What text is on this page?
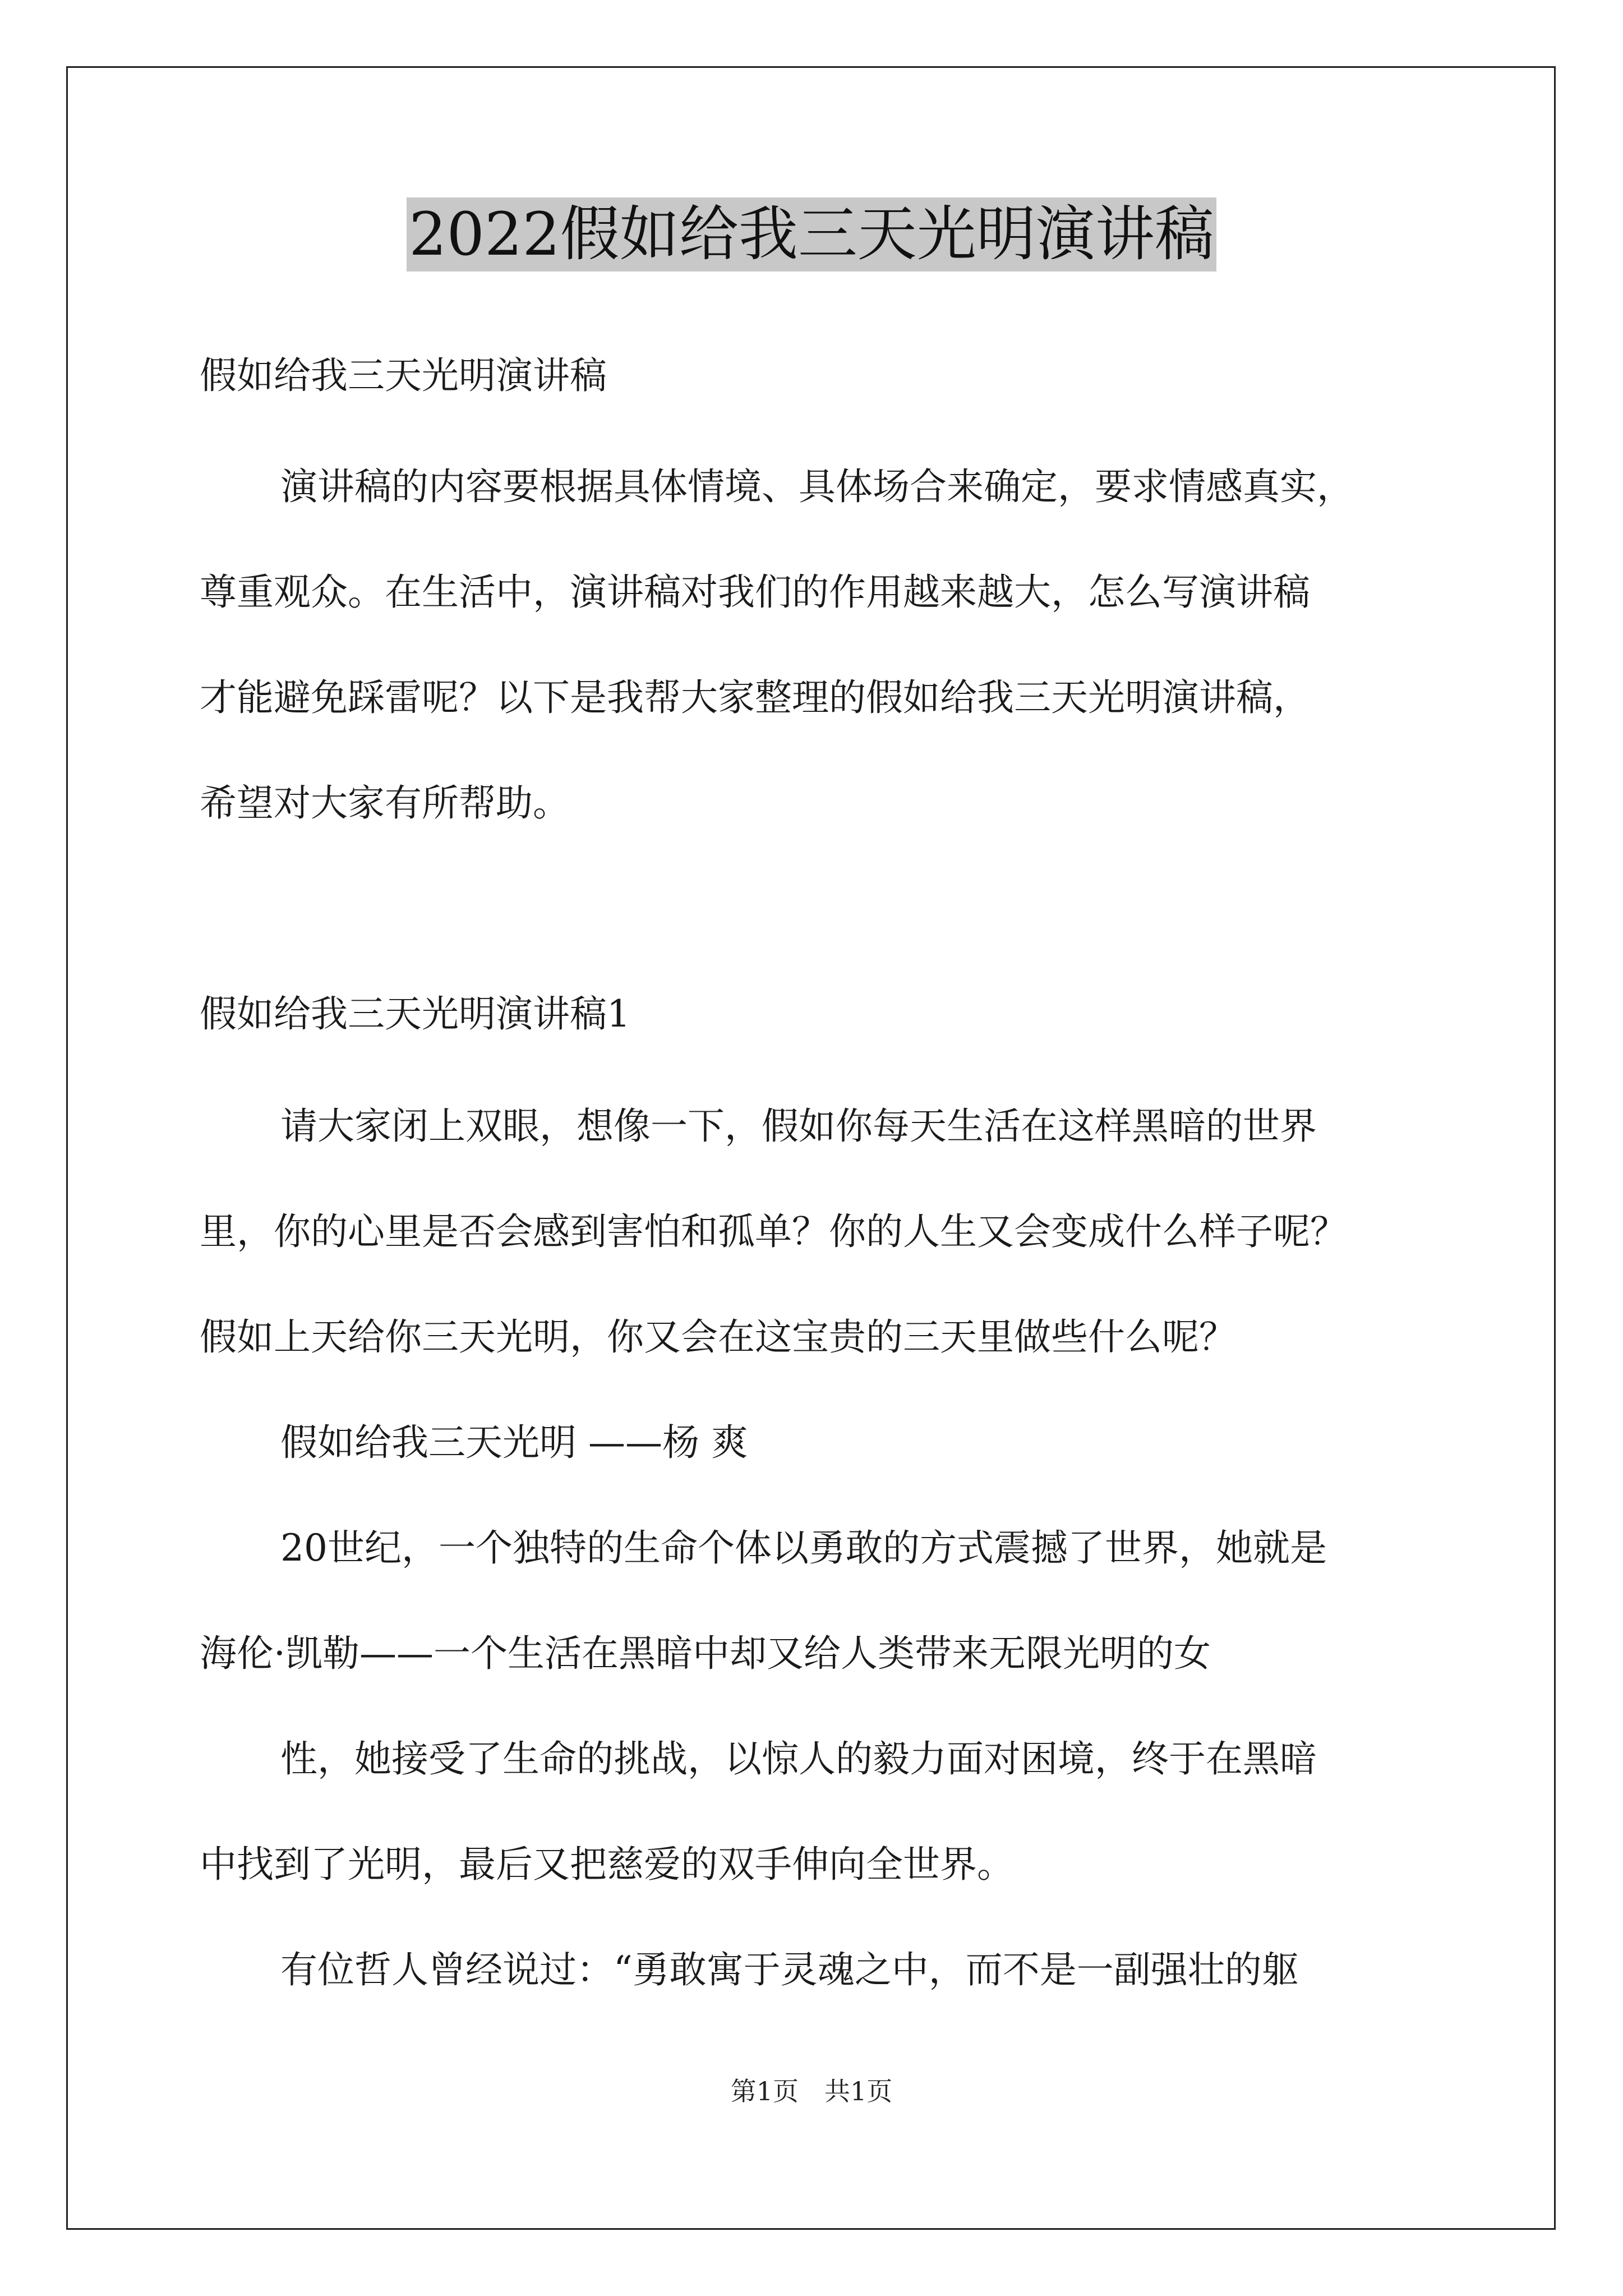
2022假如给我三天光明演讲稿
假如给我三天光明演讲稿
演讲稿的内容要根据具体情境、具体场合来确定，要求情感真实，
尊重观众。在生活中，演讲稿对我们的作用越来越大，怎么写演讲稿
才能避免踩雷呢？以下是我帮大家整理的假如给我三天光明演讲稿，
希望对大家有所帮助。
假如给我三天光明演讲稿1
请大家闭上双眼，想像一下，假如你每天生活在这样黑暗的世界
里，你的心里是否会感到害怕和孤单？你的人生又会变成什么样子呢？
假如上天给你三天光明，你又会在这宝贵的三天里做些什么呢？
假如给我三天光明 ——杨 爽
20世纪，一个独特的生命个体以勇敢的方式震撼了世界，她就是
海伦·凯勒——一个生活在黑暗中却又给人类带来无限光明的女
性，她接受了生命的挑战，以惊人的毅力面对困境，终于在黑暗
中找到了光明，最后又把慈爱的双手伸向全世界。
有位哲人曾经说过：“勇敢寓于灵魂之中，而不是一副强壮的躯
第1页　共1页
